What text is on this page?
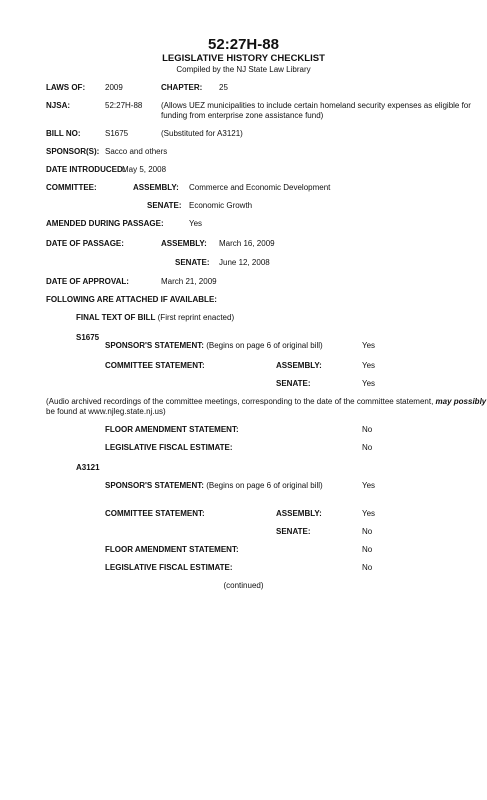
52:27H-88
LEGISLATIVE HISTORY CHECKLIST
Compiled by the NJ State Law Library
LAWS OF: 2009	CHAPTER: 25
NJSA:	52:27H-88 (Allows UEZ municipalities to include certain homeland security expenses as eligible for
funding from enterprise zone assistance fund)
BILL NO:	S1675	(Substituted for A3121)
SPONSOR(S): Sacco and others
DATE INTRODUCED:
May 5, 2008
COMMITTEE:	ASSEMBLY: Commerce and Economic Development
SENATE: Economic Growth
AMENDED DURING PASSAGE:	Yes
DATE OF PASSAGE:	ASSEMBLY: March 16, 2009
SENATE: June 12, 2008
DATE OF APPROVAL:	March 21, 2009
FOLLOWING ARE ATTACHED IF AVAILABLE:
FINAL TEXT OF BILL (First reprint enacted)
S1675
SPONSOR'S STATEMENT: (Begins on page 6 of original bill)	Yes
COMMITTEE STATEMENT:	ASSEMBLY:	Yes
SENATE:	Yes
(Audio archived recordings of the committee meetings, corresponding to the date of the committee statement, may possibly
be found at www.njleg.state.nj.us)
FLOOR AMENDMENT STATEMENT:	No
LEGISLATIVE FISCAL ESTIMATE:	No
A3121
SPONSOR'S STATEMENT: (Begins on page 6 of original bill)	Yes
COMMITTEE STATEMENT:	ASSEMBLY:	Yes
SENATE:	No
FLOOR AMENDMENT STATEMENT:	No
LEGISLATIVE FISCAL ESTIMATE:	No
(continued)
